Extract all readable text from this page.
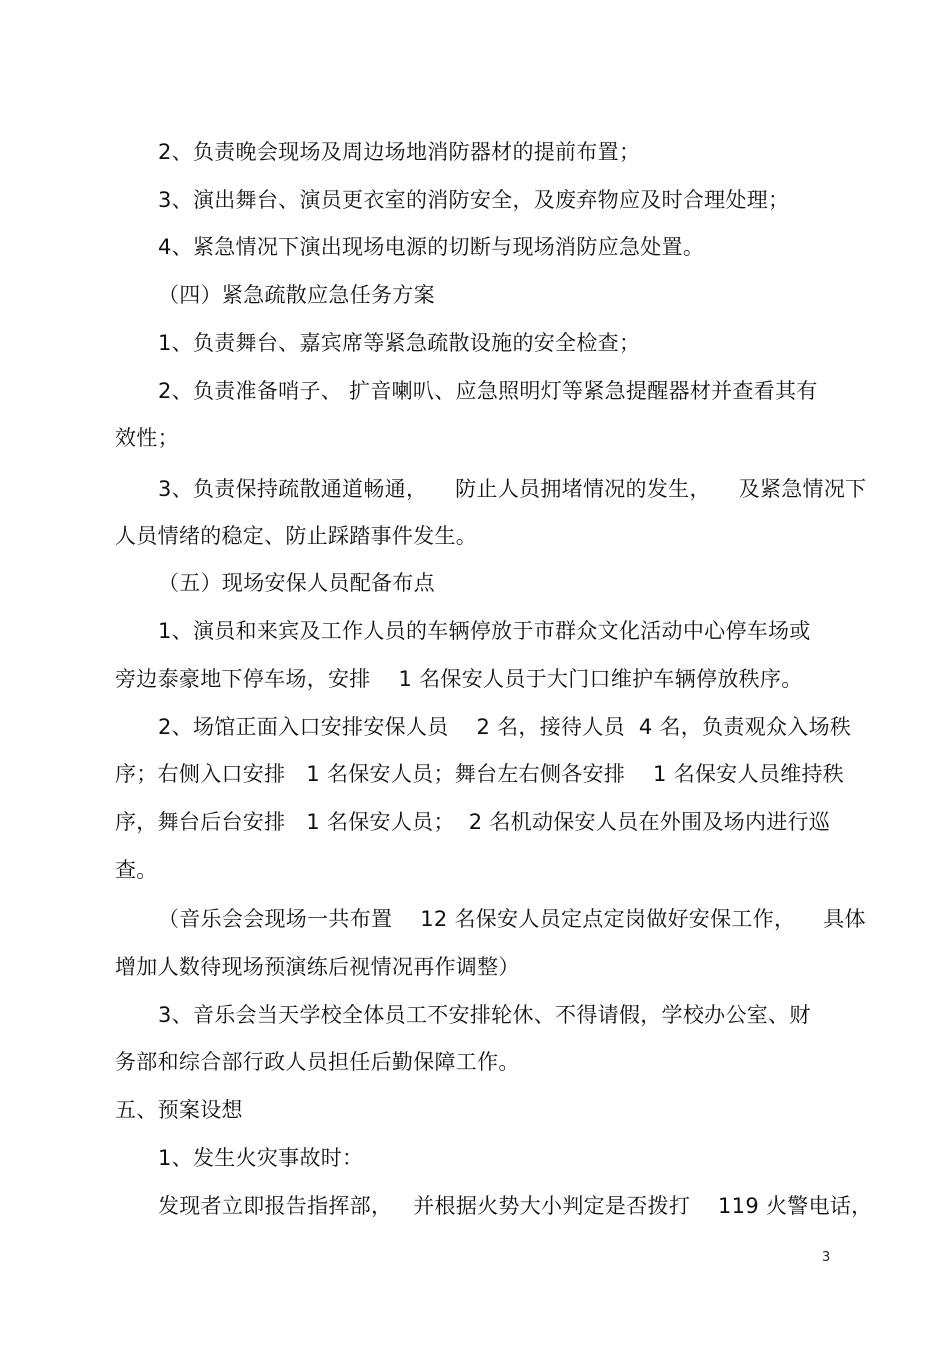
2、负责晚会现场及周边场地消防器材的提前布置；
3、演出舞台、演员更衣室的消防安全，及废弃物应及时合理处理；
4、紧急情况下演出现场电源的切断与现场消防应急处置。
（四）紧急疏散应急任务方案
1、负责舞台、嘉宾席等紧急疏散设施的安全检查；
2、负责准备哨子、 扩音喇叭、应急照明灯等紧急提醒器材并查看其有
效性；
3、负责保持疏散通道畅通，    防止人员拥堵情况的发生，    及紧急情况下
人员情绪的稳定、防止踩踏事件发生。
（五）现场安保人员配备布点
1、演员和来宾及工作人员的车辆停放于市群众文化活动中心停车场或
旁边泰豪地下停车场，安排    1 名保安人员于大门口维护车辆停放秩序。
2、场馆正面入口安排安保人员    2 名，接待人员  4 名，负责观众入场秩
序；右侧入口安排   1 名保安人员；舞台左右侧各安排    1 名保安人员维持秩
序，舞台后台安排   1 名保安人员；  2 名机动保安人员在外围及场内进行巡
查。
（音乐会会现场一共布置    12 名保安人员定点定岗做好安保工作，    具体
增加人数待现场预演练后视情况再作调整）
3、音乐会当天学校全体员工不安排轮休、不得请假，学校办公室、财
务部和综合部行政人员担任后勤保障工作。
五、预案设想
1、发生火灾事故时：
发现者立即报告指挥部，   并根据火势大小判定是否拨打    119 火警电话，
3
